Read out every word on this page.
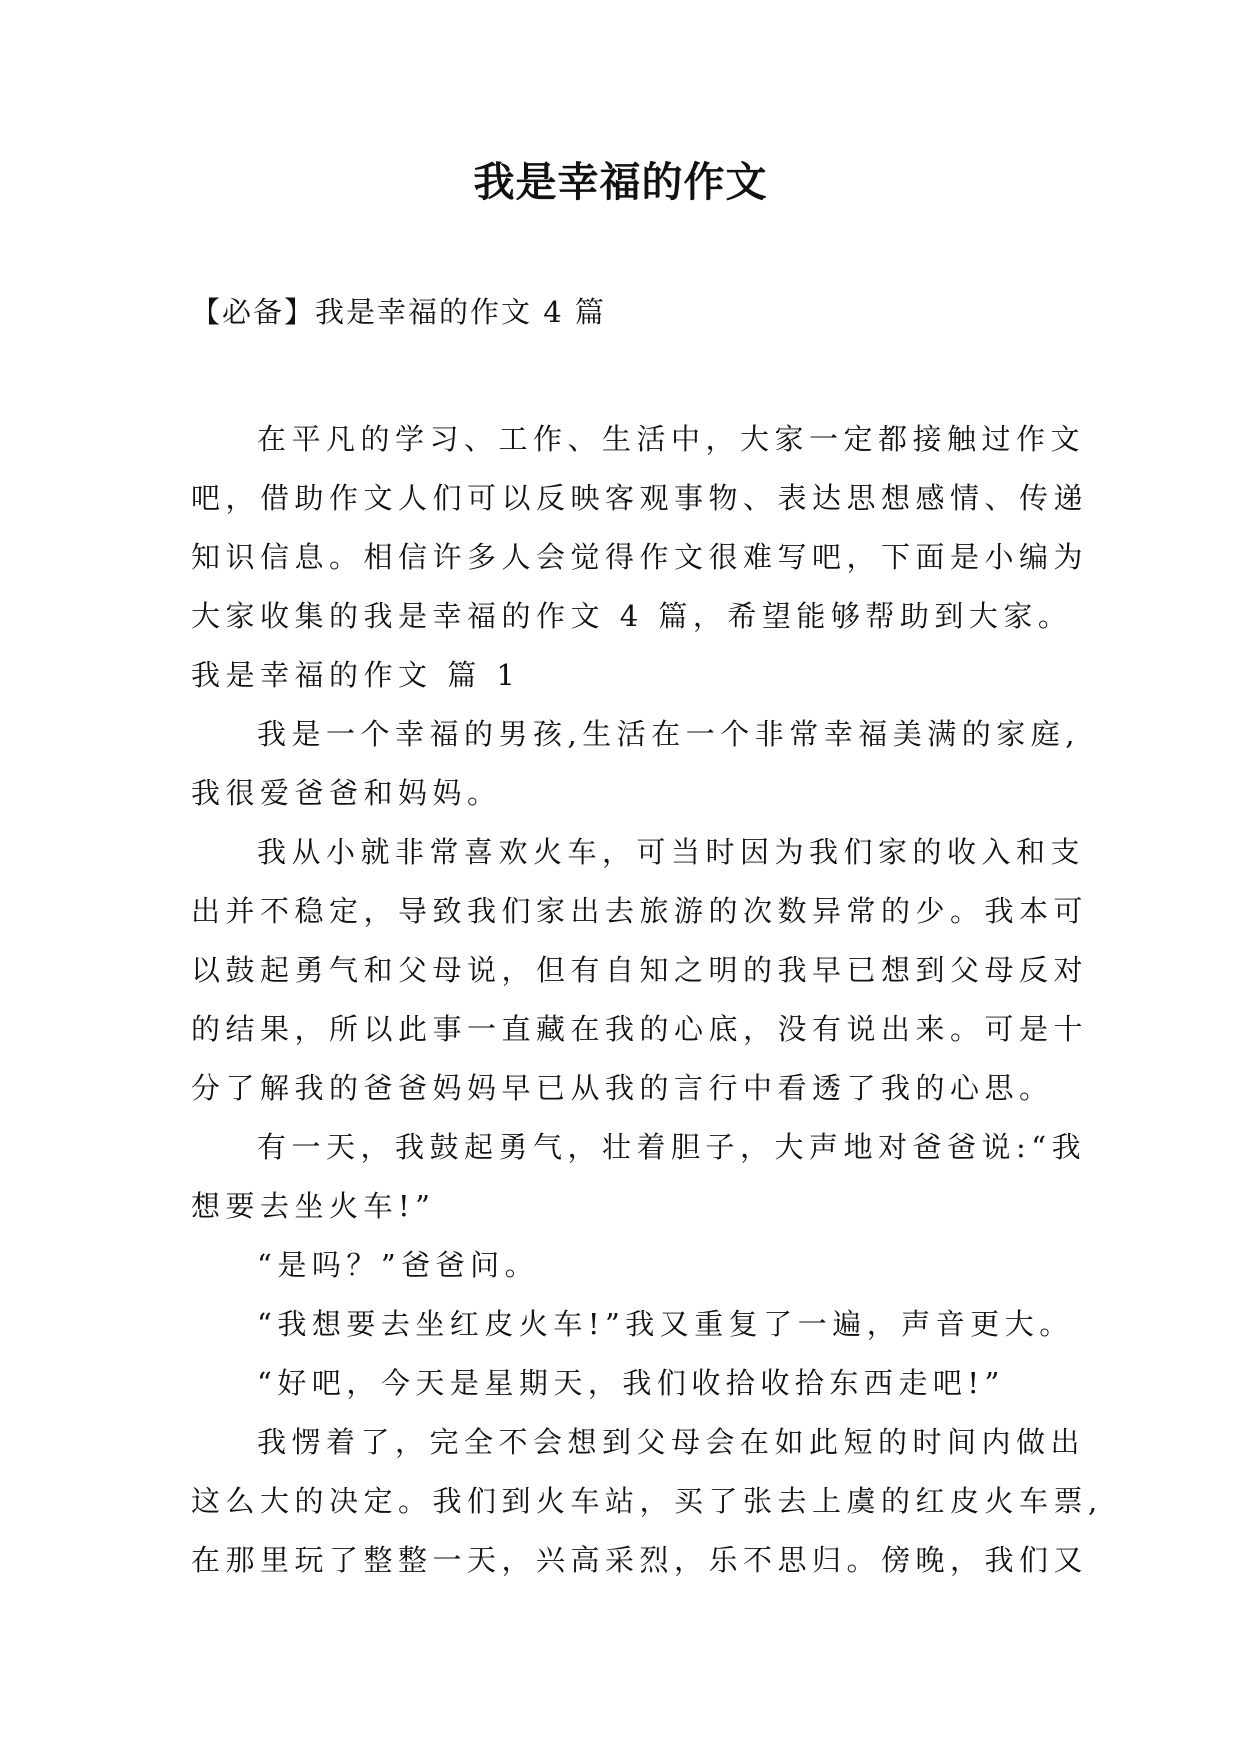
我是幸福的作文

【必备】我是幸福的作文 4 篇

在平凡的学习、工作、生活中，大家一定都接触过作文

吧，借助作文人们可以反映客观事物、表达思想感情、传递

知识信息。相信许多人会觉得作文很难写吧，下面是小编为

大家收集的我是幸福的作文 4 篇，希望能够帮助到大家。

我是幸福的作文 篇 1

我是一个幸福的男孩,生活在一个非常幸福美满的家庭,

我很爱爸爸和妈妈。

我从小就非常喜欢火车，可当时因为我们家的收入和支

出并不稳定，导致我们家出去旅游的次数异常的少。我本可

以鼓起勇气和父母说，但有自知之明的我早已想到父母反对

的结果，所以此事一直藏在我的心底，没有说出来。可是十

分了解我的爸爸妈妈早已从我的言行中看透了我的心思。

有一天，我鼓起勇气，壮着胆子，大声地对爸爸说:“我

想要去坐火车!”

“是吗？”爸爸问。

“我想要去坐红皮火车!”我又重复了一遍，声音更大。

“好吧，今天是星期天，我们收拾收拾东西走吧!”

我愣着了，完全不会想到父母会在如此短的时间内做出

这么大的决定。我们到火车站，买了张去上虞的红皮火车票,

在那里玩了整整一天，兴高采烈，乐不思归。傍晚，我们又
